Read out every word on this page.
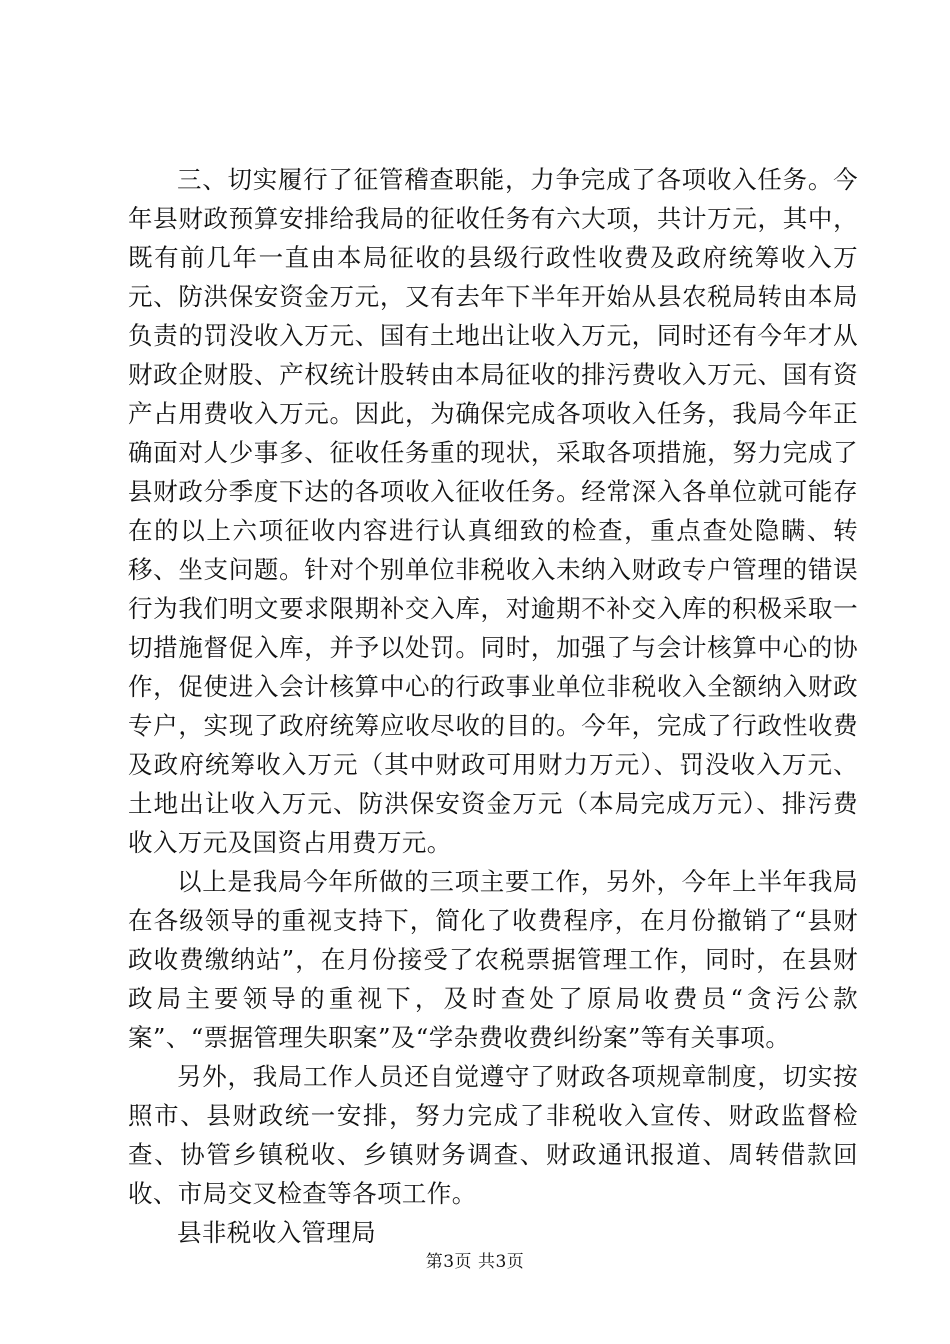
三、切实履行了征管稽查职能，力争完成了各项收入任务。今年县财政预算安排给我局的征收任务有六大项，共计万元，其中，既有前几年一直由本局征收的县级行政性收费及政府统筹收入万元、防洪保安资金万元，又有去年下半年开始从县农税局转由本局负责的罚没收入万元、国有土地出让收入万元，同时还有今年才从财政企财股、产权统计股转由本局征收的排污费收入万元、国有资产占用费收入万元。因此，为确保完成各项收入任务，我局今年正确面对人少事多、征收任务重的现状，采取各项措施，努力完成了县财政分季度下达的各项收入征收任务。经常深入各单位就可能存在的以上六项征收内容进行认真细致的检查，重点查处隐瞒、转移、坐支问题。针对个别单位非税收入未纳入财政专户管理的错误行为我们明文要求限期补交入库，对逾期不补交入库的积极采取一切措施督促入库，并予以处罚。同时，加强了与会计核算中心的协作，促使进入会计核算中心的行政事业单位非税收入全额纳入财政专户，实现了政府统筹应收尽收的目的。今年，完成了行政性收费及政府统筹收入万元（其中财政可用财力万元）、罚没收入万元、土地出让收入万元、防洪保安资金万元（本局完成万元）、排污费收入万元及国资占用费万元。

以上是我局今年所做的三项主要工作，另外，今年上半年我局在各级领导的重视支持下，简化了收费程序，在月份撤销了“县财政收费缴纳站”，在月份接受了农税票据管理工作，同时，在县财政局主要领导的重视下，及时查处了原局收费员“贪污公款案”、“票据管理失职案”及“学杂费收费纠纷案”等有关事项。

另外，我局工作人员还自觉遵守了财政各项规章制度，切实按照市、县财政统一安排，努力完成了非税收入宣传、财政监督检查、协管乡镇税收、乡镇财务调查、财政通讯报道、周转借款回收、市局交叉检查等各项工作。

县非税收入管理局

第3页 共3页
